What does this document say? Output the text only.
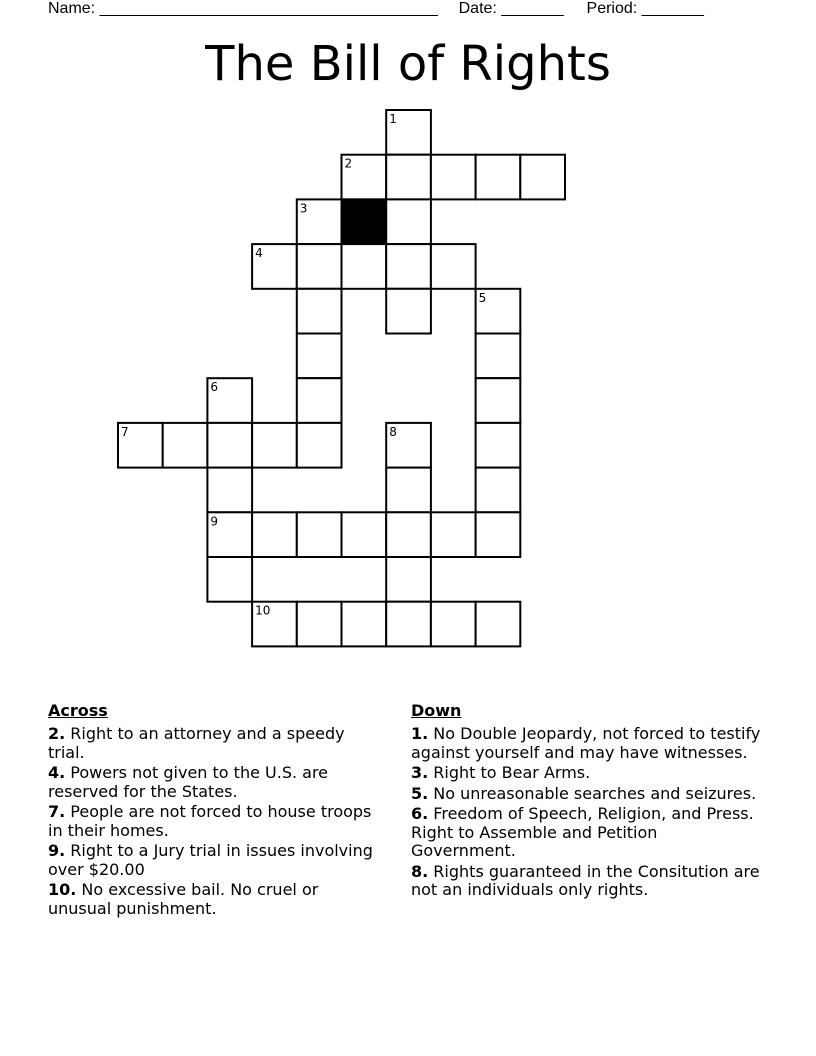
Name: ______________________________________ Date: _______ Period: _______
The Bill of Rights
1
2
3
4
5
6
7	8
9
10
Across
2. Right to an attorney and a speedy trial.
4. Powers not given to the U.S. are reserved for the States.
7. People are not forced to house troops in their homes.
9. Right to a Jury trial in issues involving over $20.00
10. No excessive bail. No cruel or unusual punishment.
Down
1. No Double Jeopardy, not forced to testify against yourself and may have witnesses.
3. Right to Bear Arms.
5. No unreasonable searches and seizures.
6. Freedom of Speech, Religion, and Press. Right to Assemble and Petition Government.
8. Rights guaranteed in the Consitution are not an individuals only rights.
